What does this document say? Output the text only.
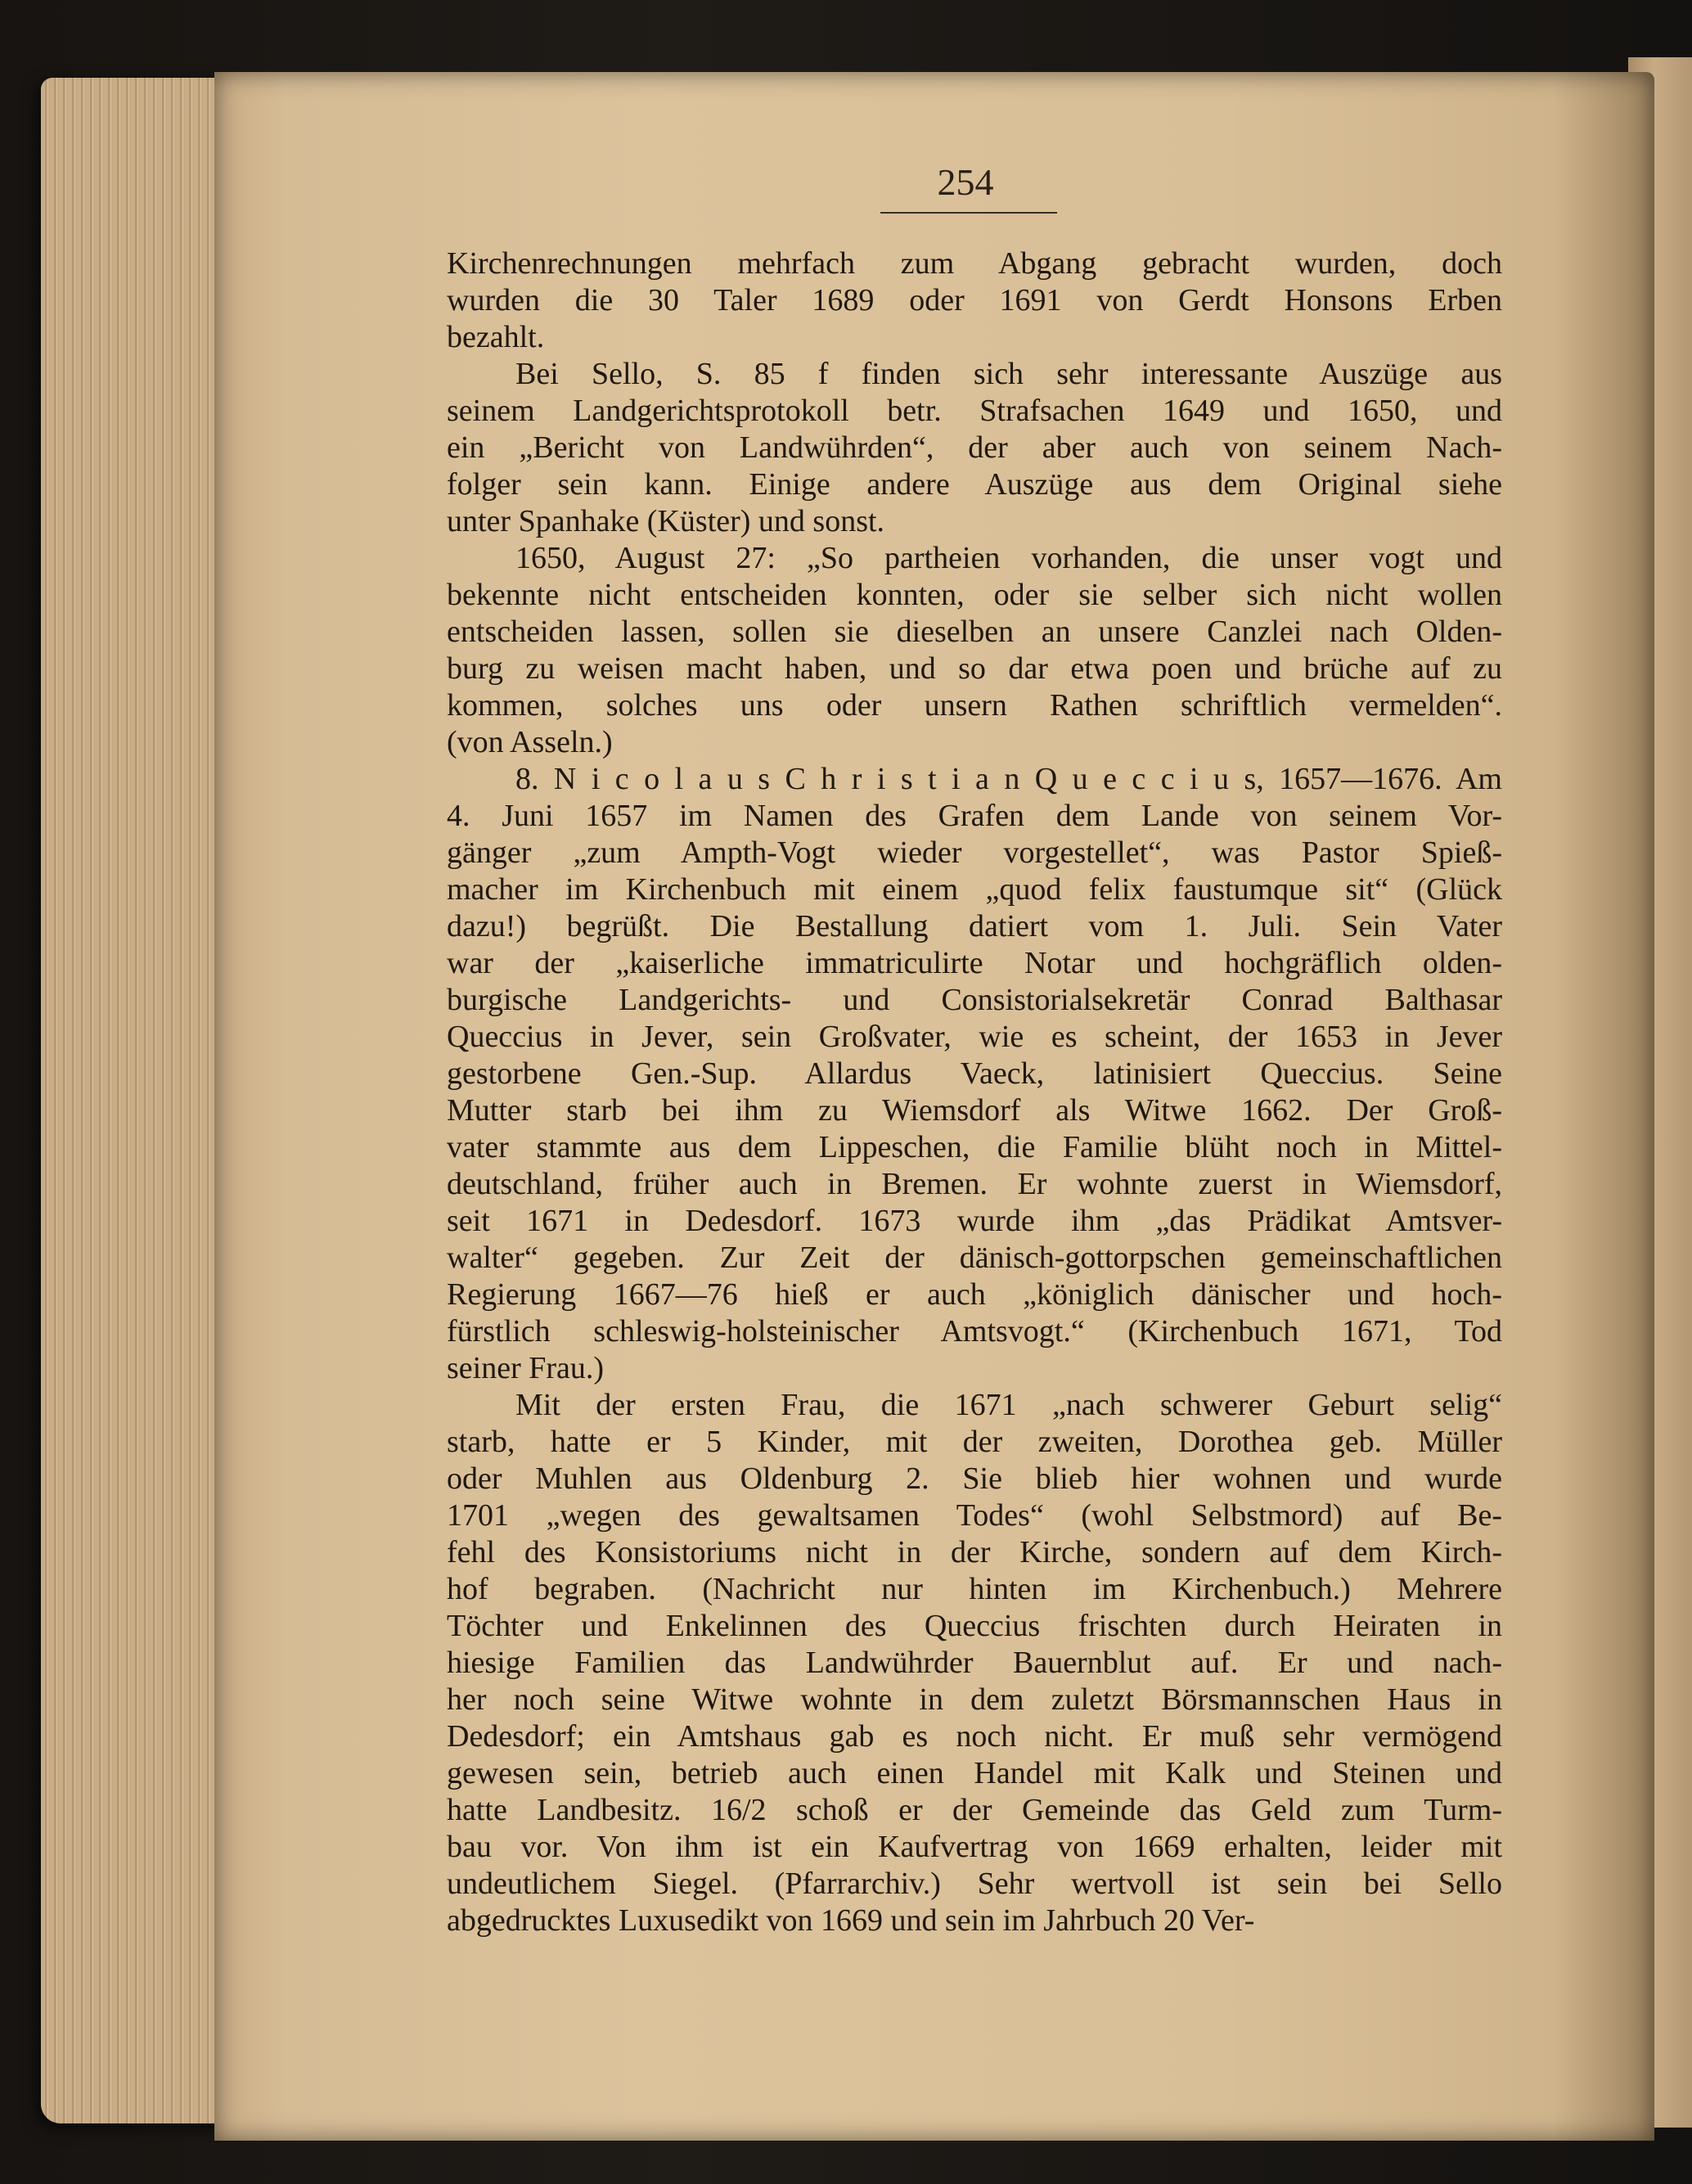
254
Kirchenrechnungen mehrfach zum Abgang gebracht wurden, doch
wurden die 30 Taler 1689 oder 1691 von Gerdt Honsons Erben
bezahlt.
Bei Sello, S. 85 f finden sich sehr interessante Auszüge aus
seinem Landgerichtsprotokoll betr. Strafsachen 1649 und 1650, und
ein „Bericht von Landwührden“, der aber auch von seinem Nach-
folger sein kann. Einige andere Auszüge aus dem Original siehe
unter Spanhake (Küster) und sonst.
1650, August 27: „So partheien vorhanden, die unser vogt und
bekennte nicht entscheiden konnten, oder sie selber sich nicht wollen
entscheiden lassen, sollen sie dieselben an unsere Canzlei nach Olden-
burg zu weisen macht haben, und so dar etwa poen und brüche auf zu
kommen, solches uns oder unsern Rathen schriftlich vermelden“.
(von Asseln.)
8. N i c o l a u s C h r i s t i a n Q u e c c i u s, 1657—1676. Am
4. Juni 1657 im Namen des Grafen dem Lande von seinem Vor-
gänger „zum Ampth-Vogt wieder vorgestellet“, was Pastor Spieß-
macher im Kirchenbuch mit einem „quod felix faustumque sit“ (Glück
dazu!) begrüßt. Die Bestallung datiert vom 1. Juli. Sein Vater
war der „kaiserliche immatriculirte Notar und hochgräflich olden-
burgische Landgerichts- und Consistorialsekretär Conrad Balthasar
Queccius in Jever, sein Großvater, wie es scheint, der 1653 in Jever
gestorbene Gen.-Sup. Allardus Vaeck, latinisiert Queccius. Seine
Mutter starb bei ihm zu Wiemsdorf als Witwe 1662. Der Groß-
vater stammte aus dem Lippeschen, die Familie blüht noch in Mittel-
deutschland, früher auch in Bremen. Er wohnte zuerst in Wiemsdorf,
seit 1671 in Dedesdorf. 1673 wurde ihm „das Prädikat Amtsver-
walter“ gegeben. Zur Zeit der dänisch-gottorpschen gemeinschaftlichen
Regierung 1667—76 hieß er auch „königlich dänischer und hoch-
fürstlich schleswig-holsteinischer Amtsvogt.“ (Kirchenbuch 1671, Tod
seiner Frau.)
Mit der ersten Frau, die 1671 „nach schwerer Geburt selig“
starb, hatte er 5 Kinder, mit der zweiten, Dorothea geb. Müller
oder Muhlen aus Oldenburg 2. Sie blieb hier wohnen und wurde
1701 „wegen des gewaltsamen Todes“ (wohl Selbstmord) auf Be-
fehl des Konsistoriums nicht in der Kirche, sondern auf dem Kirch-
hof begraben. (Nachricht nur hinten im Kirchenbuch.) Mehrere
Töchter und Enkelinnen des Queccius frischten durch Heiraten in
hiesige Familien das Landwührder Bauernblut auf. Er und nach-
her noch seine Witwe wohnte in dem zuletzt Börsmannschen Haus in
Dedesdorf; ein Amtshaus gab es noch nicht. Er muß sehr vermögend
gewesen sein, betrieb auch einen Handel mit Kalk und Steinen und
hatte Landbesitz. 16/2 schoß er der Gemeinde das Geld zum Turm-
bau vor. Von ihm ist ein Kaufvertrag von 1669 erhalten, leider mit
undeutlichem Siegel. (Pfarrarchiv.) Sehr wertvoll ist sein bei Sello
abgedrucktes Luxusedikt von 1669 und sein im Jahrbuch 20 Ver-
